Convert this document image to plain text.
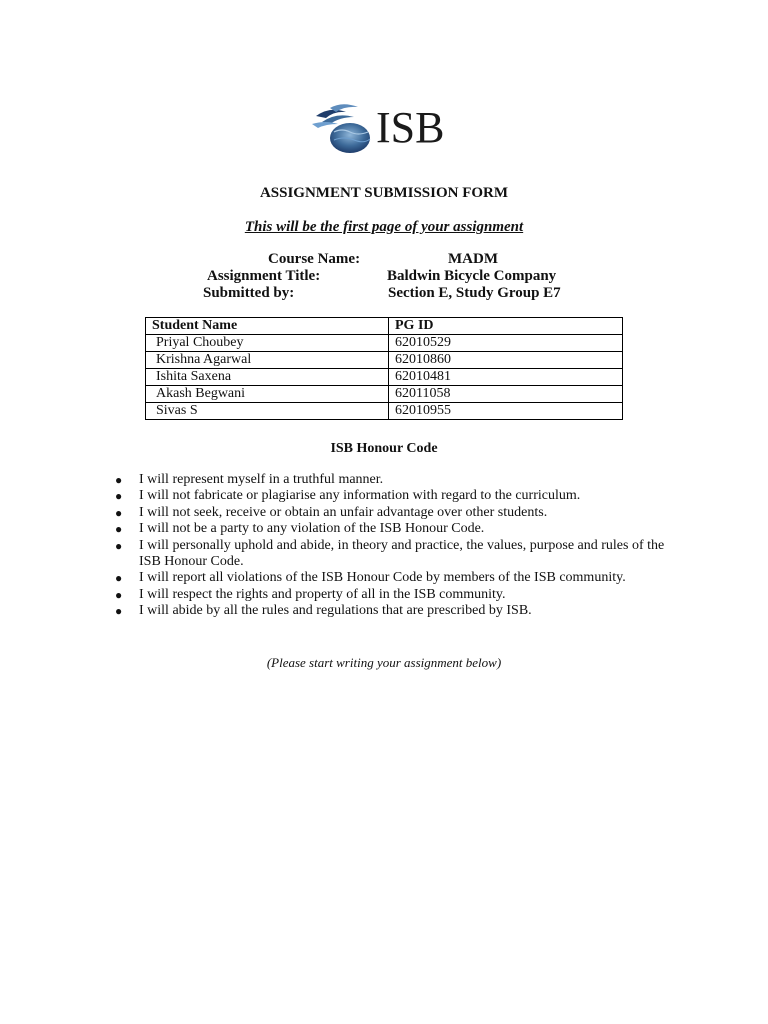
ISB
ASSIGNMENT SUBMISSION FORM
This will be the first page of your assignment
Course Name:	MADM
Assignment Title:	Baldwin Bicycle Company
Submitted by:	Section E, Study Group E7
Student Name	PG ID
Priyal Choubey	62010529
Krishna Agarwal	62010860
Ishita Saxena	62010481
Akash Begwani	62011058
Sivas S	62010955
ISB Honour Code
● I will represent myself in a truthful manner.
● I will not fabricate or plagiarise any information with regard to the curriculum.
● I will not seek, receive or obtain an unfair advantage over other students.
● I will not be a party to any violation of the ISB Honour Code.
● I will personally uphold and abide, in theory and practice, the values, purpose and rules of the ISB Honour Code.
● I will report all violations of the ISB Honour Code by members of the ISB community.
● I will respect the rights and property of all in the ISB community.
● I will abide by all the rules and regulations that are prescribed by ISB.
(Please start writing your assignment below)
